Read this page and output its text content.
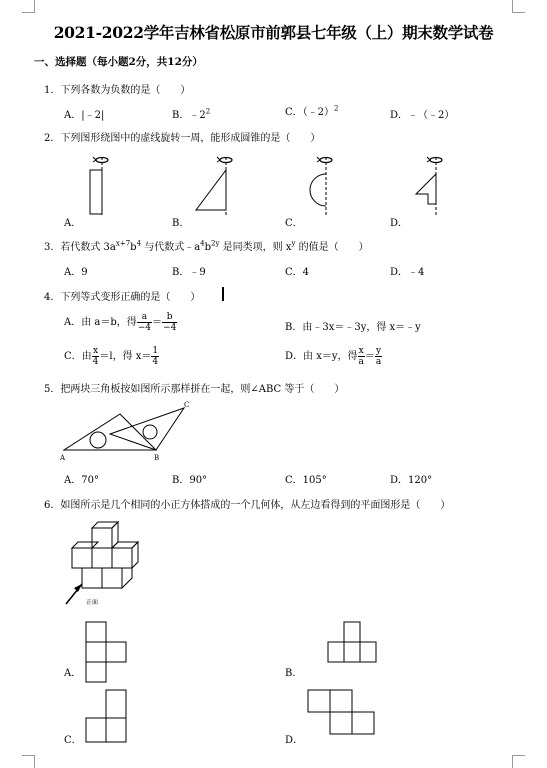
2021-2022学年吉林省松原市前郭县七年级（上）期末数学试卷
一、选择题（每小题2分，共12分）
1．下列各数为负数的是（　　）
A．|﹣2|	B．$﹣2^2$	C．（﹣2）$^2$
D．﹣（﹣2）
2．下列图形绕图中的虚线旋转一周，能形成圆锥的是（　　）
A．	B．	C．	D．
3．若代数式 $3a^{x+7}b^4$ 与代数式$﹣a^4b^{2y}$ 是同类项，则 $x^y$ 的值是（　　）
A．9	B．﹣9	C．4	D．﹣4
4．下列等式变形正确的是（　　）
A．由 a＝b，得 $\frac{a}{-4} = \frac{b}{-4}$	B．由﹣3x＝﹣3y，得 x＝﹣y
C．由 $\frac{x}{4} =l$，得 $x= \frac{1}{4}$	D．由 x＝y，得 $\frac{x}{a} = \frac{y}{a}$
5．把两块三角板按如图所示那样拼在一起，则∠ABC 等于（　　）
A	B
C
A．70°	B．90°	C．105°	D．120°
6．如图所示是几个相同的小正方体搭成的一个几何体，从左边看得到的平面图形是（　　）
正面
A．	B．
C．	D．
